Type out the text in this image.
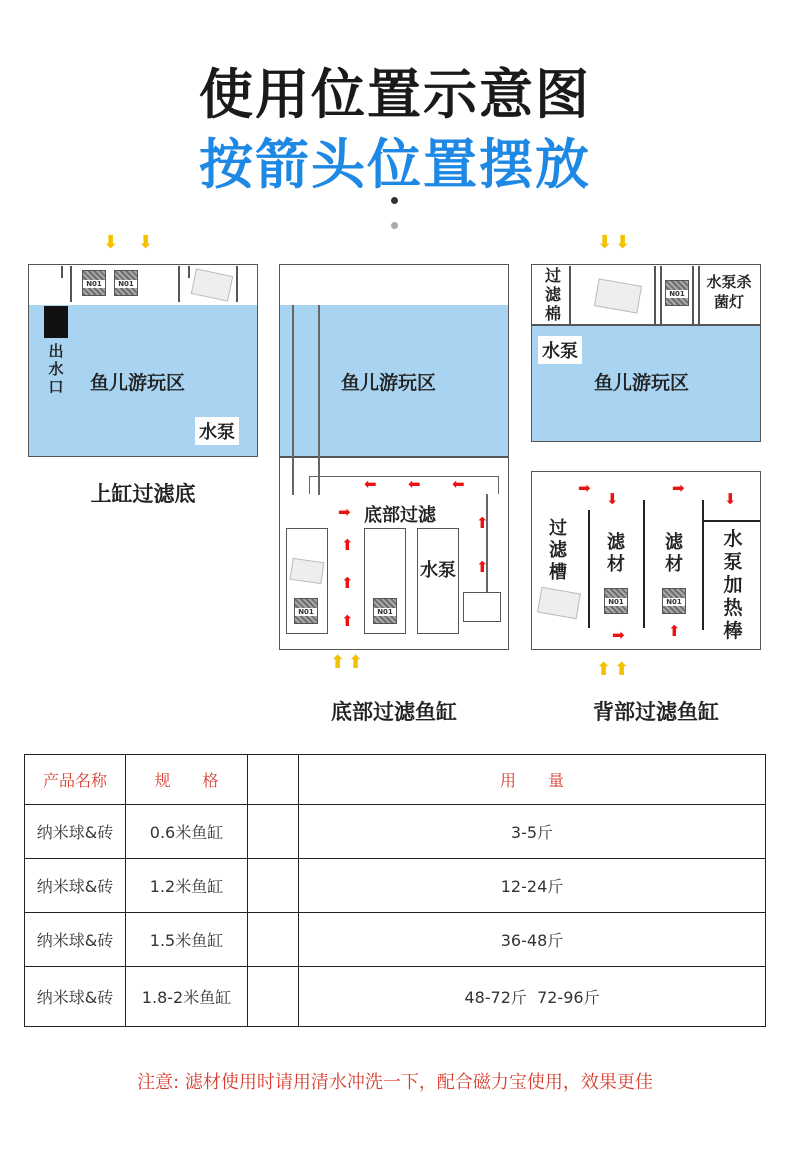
使用位置示意图
按箭头位置摆放
⬇ ⬇
N01	N01
出水口 鱼儿游玩区
水泵
上缸过滤底
鱼儿游玩区
⬅ ⬅ ⬅
➡ 底部过滤	⬆
⬆
⬆
⬆
⬆
N01	N01
水泵
⬆ ⬆
底部过滤鱼缸
⬇ ⬇
过滤棉
N01
水泵杀菌灯
水泵
鱼儿游玩区
过滤槽
滤材
滤材
水泵加热棒
N01	N01
➡
⬇
➡
⬇
➡	⬆
⬆ ⬆
背部过滤鱼缸
产品名称	规　　格		用　　量
纳米球&砖	0.6米鱼缸		3-5斤
纳米球&砖	1.2米鱼缸		12-24斤
纳米球&砖	1.5米鱼缸		36-48斤
纳米球&砖	1.8-2米鱼缸		48-72斤  72-96斤
注意: 滤材使用时请用清水冲洗一下，配合磁力宝使用，效果更佳
